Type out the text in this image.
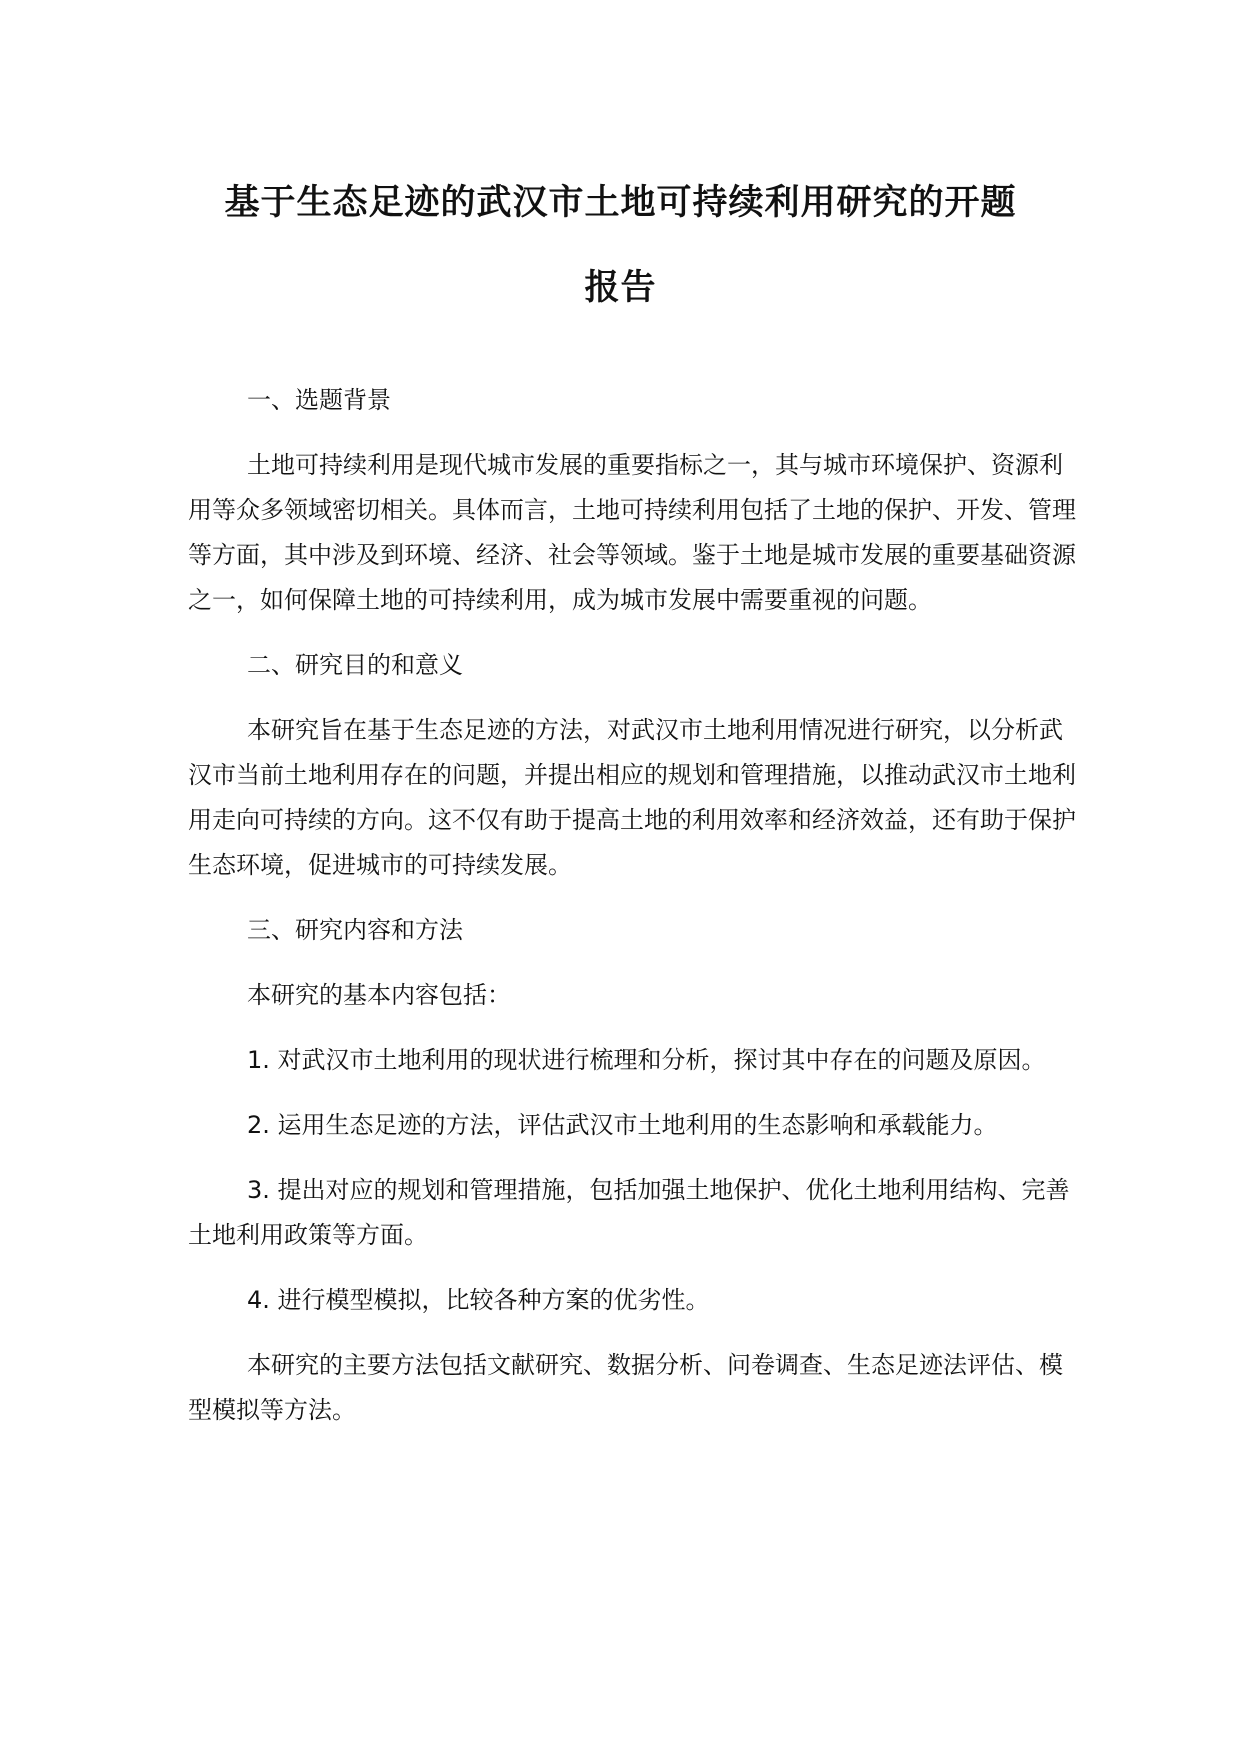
基于生态足迹的武汉市土地可持续利用研究的开题
报告

一、选题背景

土地可持续利用是现代城市发展的重要指标之一，其与城市环境保护、资源利用等众多领域密切相关。具体而言，土地可持续利用包括了土地的保护、开发、管理等方面，其中涉及到环境、经济、社会等领域。鉴于土地是城市发展的重要基础资源之一，如何保障土地的可持续利用，成为城市发展中需要重视的问题。

二、研究目的和意义

本研究旨在基于生态足迹的方法，对武汉市土地利用情况进行研究，以分析武汉市当前土地利用存在的问题，并提出相应的规划和管理措施，以推动武汉市土地利用走向可持续的方向。这不仅有助于提高土地的利用效率和经济效益，还有助于保护生态环境，促进城市的可持续发展。

三、研究内容和方法

本研究的基本内容包括：

1. 对武汉市土地利用的现状进行梳理和分析，探讨其中存在的问题及原因。

2. 运用生态足迹的方法，评估武汉市土地利用的生态影响和承载能力。

3. 提出对应的规划和管理措施，包括加强土地保护、优化土地利用结构、完善土地利用政策等方面。

4. 进行模型模拟，比较各种方案的优劣性。

本研究的主要方法包括文献研究、数据分析、问卷调查、生态足迹法评估、模型模拟等方法。
